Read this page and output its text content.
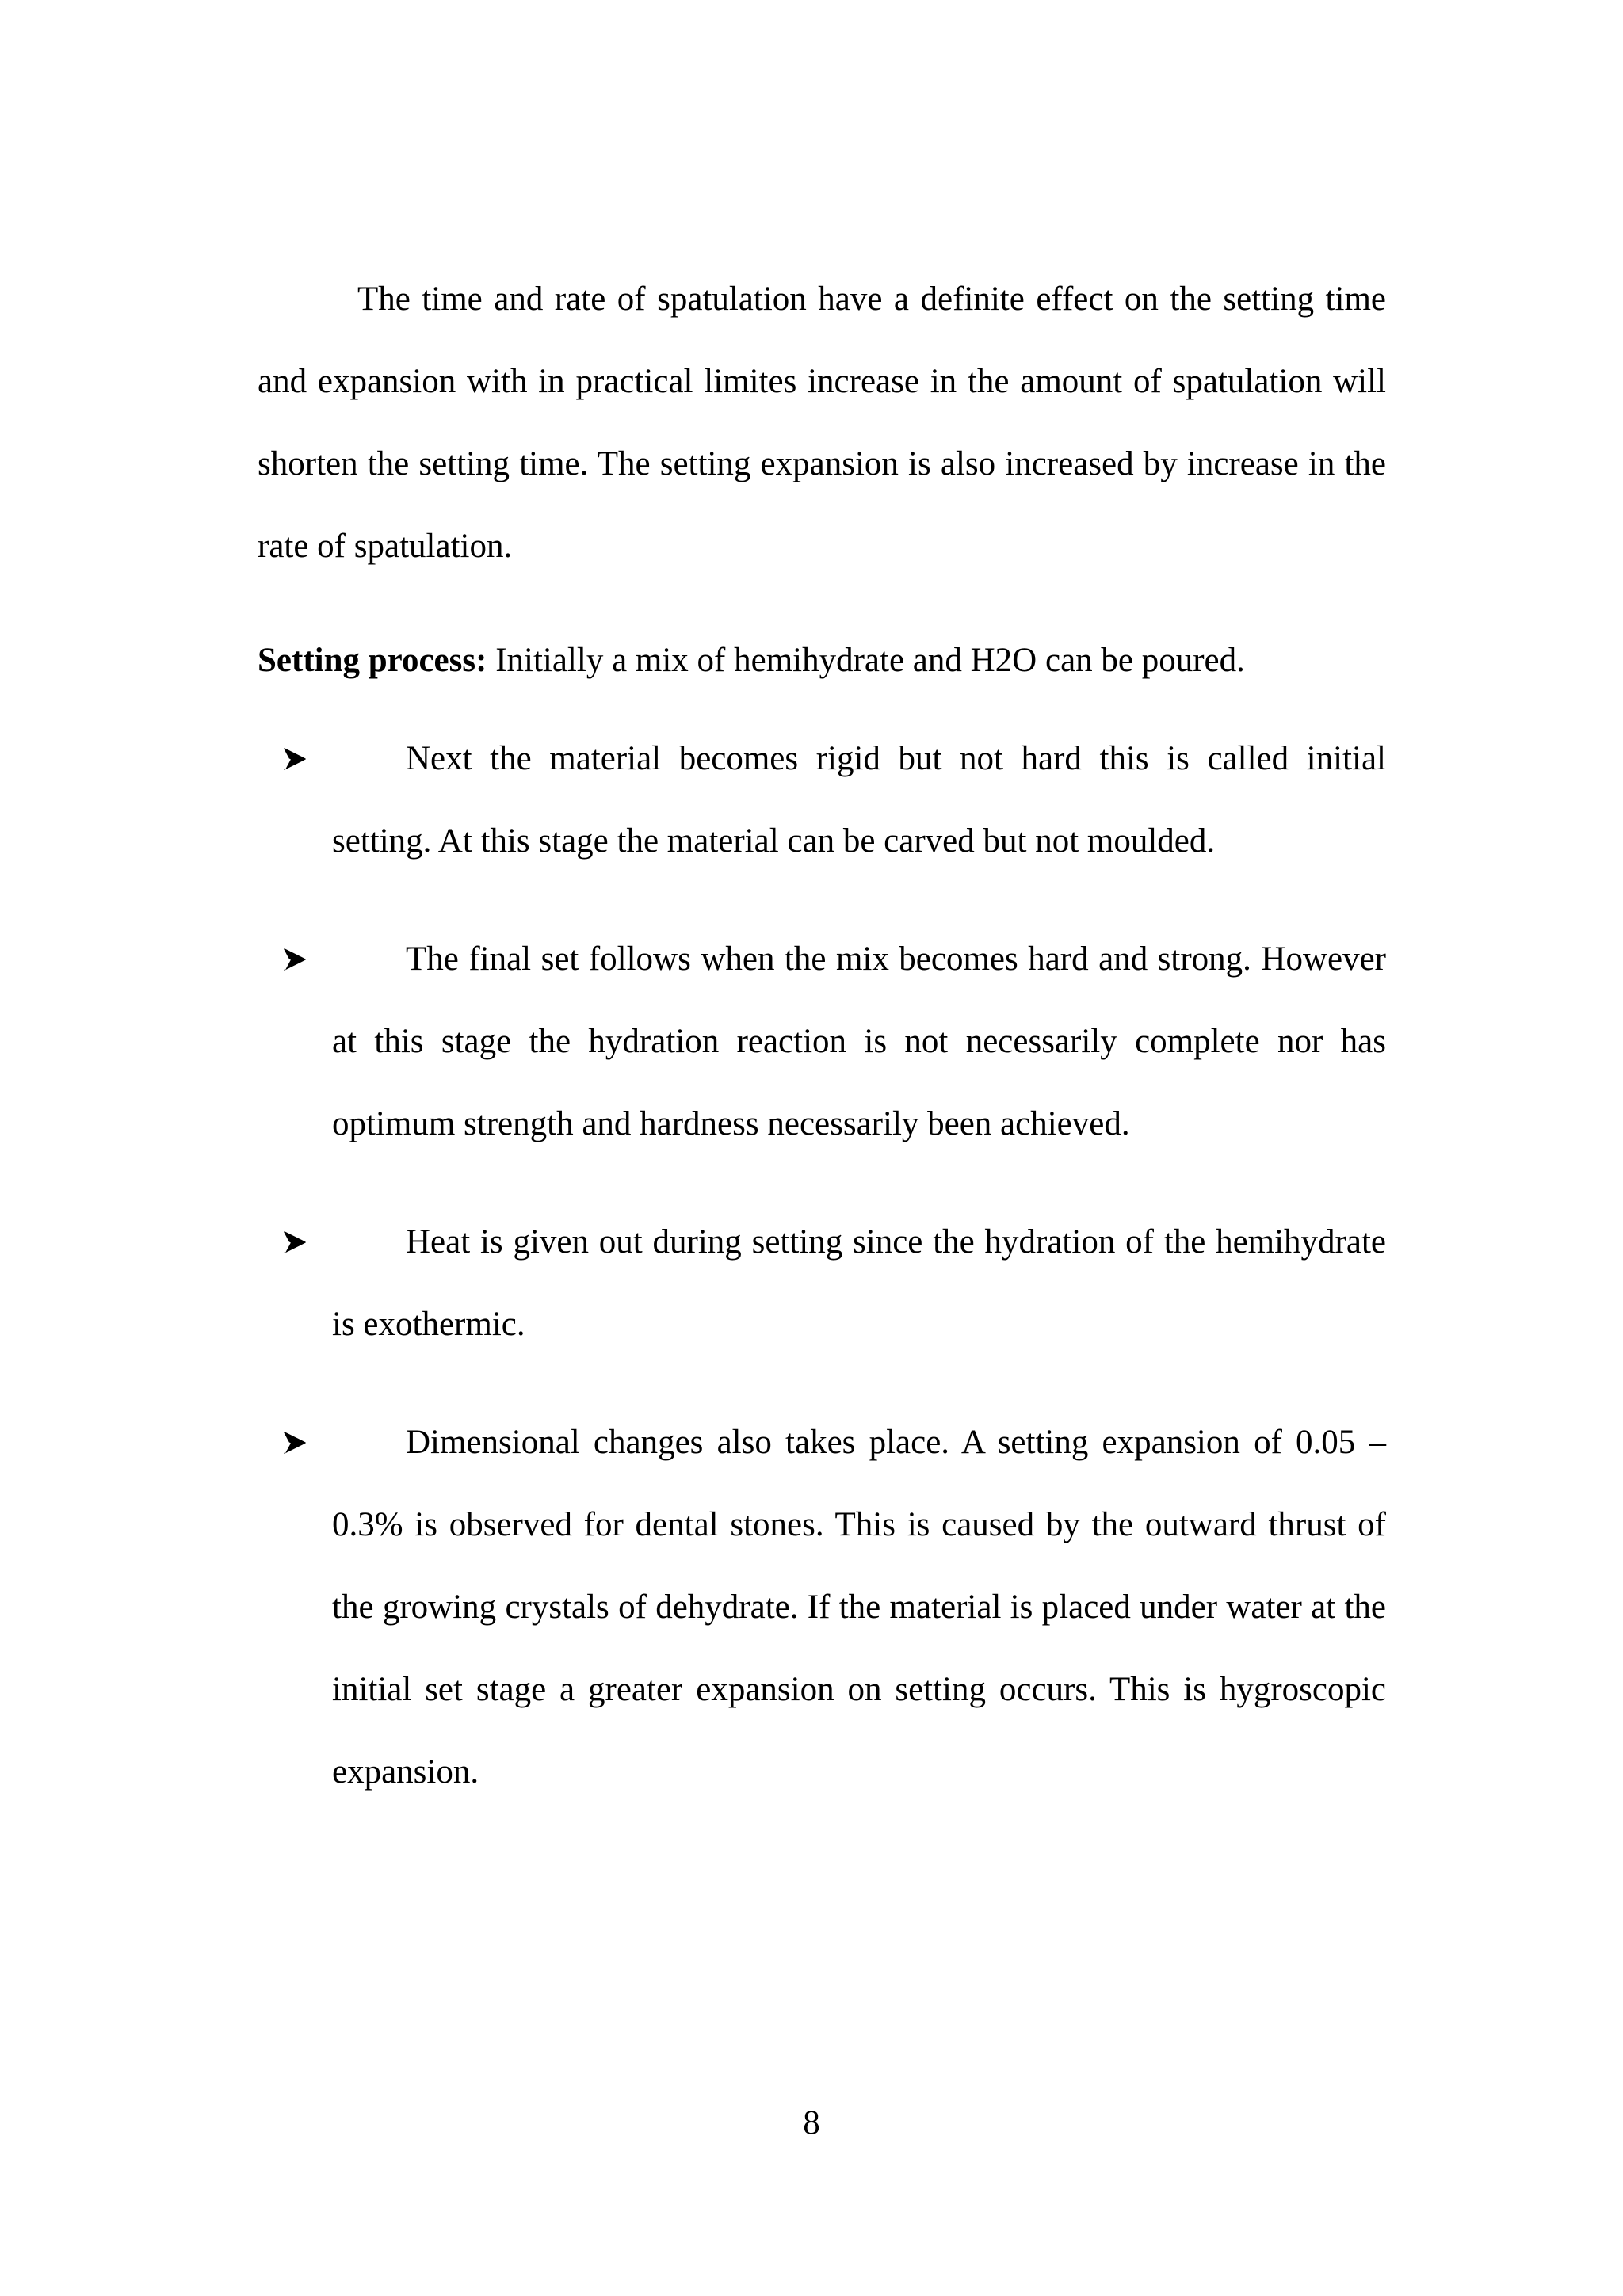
The time and rate of spatulation have a definite effect on the setting time and expansion with in practical limites increase in the amount of spatulation will shorten the setting time. The setting expansion is also increased by increase in the rate of spatulation.

Setting process: Initially a mix of hemihydrate and H2O can be poured.

Next the material becomes rigid but not hard this is called initial setting. At this stage the material can be carved but not moulded.

The final set follows when the mix becomes hard and strong. However at this stage the hydration reaction is not necessarily complete nor has optimum strength and hardness necessarily been achieved.

Heat is given out during setting since the hydration of the hemihydrate is exothermic.

Dimensional changes also takes place. A setting expansion of 0.05 – 0.3% is observed for dental stones. This is caused by the outward thrust of the growing crystals of dehydrate. If the material is placed under water at the initial set stage a greater expansion on setting occurs. This is hygroscopic expansion.

8
